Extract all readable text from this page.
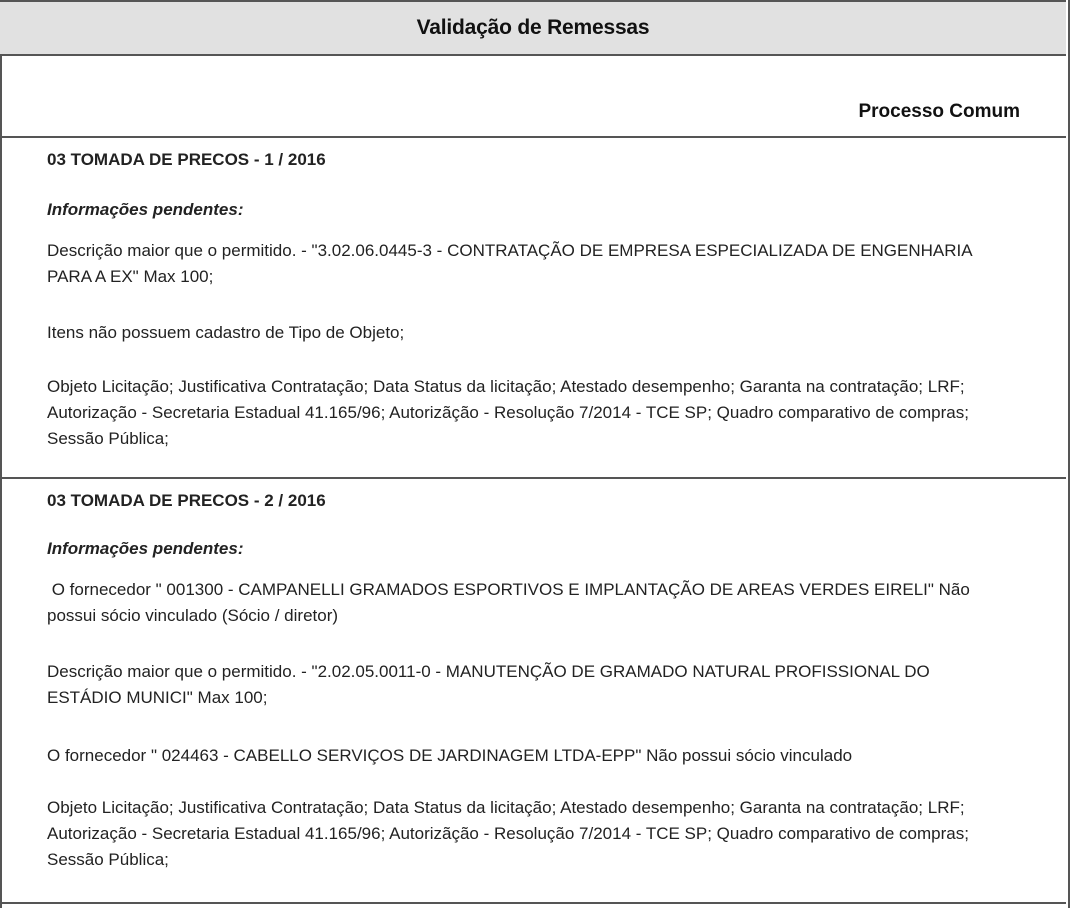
Validação de Remessas
Processo Comum
03 TOMADA DE PRECOS - 1 / 2016
Informações pendentes:

Descrição maior que o permitido. - "3.02.06.0445-3 - CONTRATAÇÃO DE EMPRESA ESPECIALIZADA DE ENGENHARIA PARA A EX" Max 100;

Itens não possuem cadastro de Tipo de Objeto;

Objeto Licitação; Justificativa Contratação; Data Status da licitação; Atestado desempenho; Garanta na contratação; LRF; Autorização - Secretaria Estadual 41.165/96; Autorizãção - Resolução 7/2014 - TCE SP; Quadro comparativo de compras; Sessão Pública;

03 TOMADA DE PRECOS - 2 / 2016
Informações pendentes:

O fornecedor " 001300 - CAMPANELLI GRAMADOS ESPORTIVOS E IMPLANTAÇÃO DE AREAS VERDES EIRELI" Não possui sócio vinculado (Sócio / diretor)

Descrição maior que o permitido. - "2.02.05.0011-0 - MANUTENÇÃO DE GRAMADO NATURAL PROFISSIONAL DO ESTÁDIO MUNICI" Max 100;

O fornecedor " 024463 - CABELLO SERVIÇOS DE JARDINAGEM LTDA-EPP" Não possui sócio vinculado

Objeto Licitação; Justificativa Contratação; Data Status da licitação; Atestado desempenho; Garanta na contratação; LRF; Autorização - Secretaria Estadual 41.165/96; Autorizãção - Resolução 7/2014 - TCE SP; Quadro comparativo de compras; Sessão Pública;
